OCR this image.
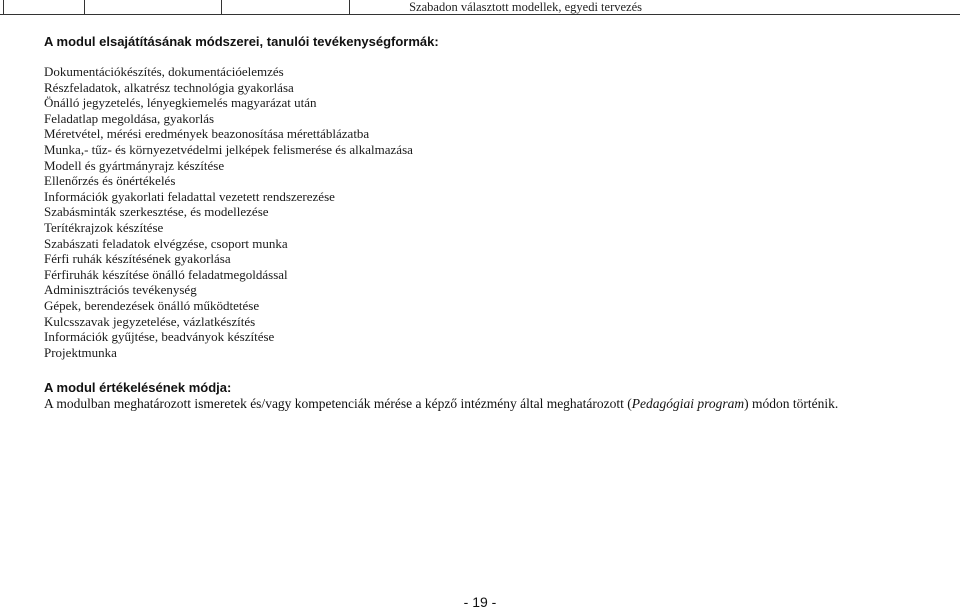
Szabadon választott modellek, egyedi tervezés
A modul elsajátításának módszerei, tanulói tevékenységformák:
Dokumentációkészítés, dokumentációelemzés
Részfeladatok, alkatrész technológia gyakorlása
Önálló jegyzetelés, lényegkiemelés magyarázat után
Feladatlap megoldása, gyakorlás
Méretvétel, mérési eredmények beazonosítása mérettáblázatba
Munka,- tűz- és környezetvédelmi jelképek felismerése és alkalmazása
Modell és gyártmányrajz készítése
Ellenőrzés és önértékelés
Információk gyakorlati feladattal vezetett rendszerezése
Szabásminták szerkesztése, és modellezése
Terítékrajzok készítése
Szabászati feladatok elvégzése, csoport munka
Férfi ruhák készítésének gyakorlása
Férfiruhák készítése önálló feladatmegoldással
Adminisztrációs tevékenység
Gépek, berendezések önálló működtetése
Kulcsszavak jegyzetelése, vázlatkészítés
Információk gyűjtése, beadványok készítése
Projektmunka
A modul értékelésének módja:
A modulban meghatározott ismeretek és/vagy kompetenciák mérése a képző intézmény által meghatározott (Pedagógiai program) módon történik.
- 19 -
